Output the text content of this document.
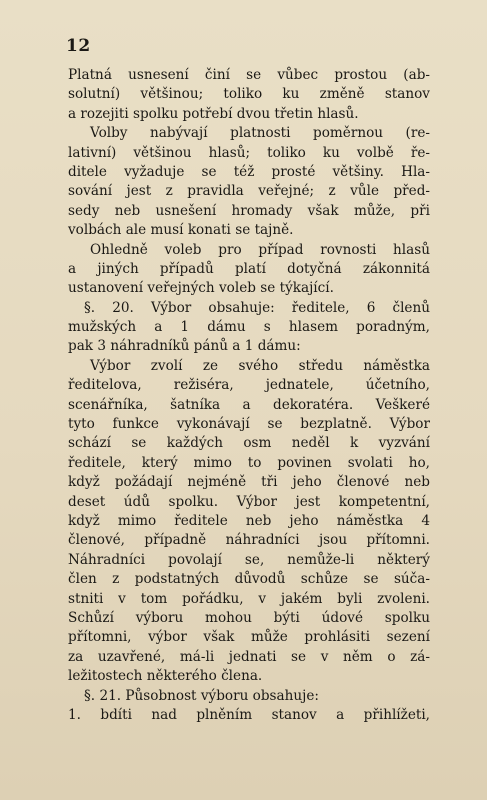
12
Platná usnesení činí se vůbec prostou (ab-
solutní) většinou; toliko ku změně stanov
a rozejiti spolku potřebí dvou třetin hlasů.
Volby nabývají platnosti poměrnou (re-
lativní) většinou hlasů; toliko ku volbě ře-
ditele vyžaduje se též prosté většiny. Hla-
sování jest z pravidla veřejné; z vůle před-
sedy neb usnešení hromady však může, při
volbách ale musí konati se tajně.
Ohledně voleb pro případ rovnosti hlasů
a jiných případů platí dotyčná zákonnitá
ustanovení veřejných voleb se týkající.
§. 20. Výbor obsahuje: ředitele, 6 členů
mužských a 1 dámu s hlasem poradným,
pak 3 náhradníků pánů a 1 dámu:
Výbor zvolí ze svého středu náměstka
ředitelova, režiséra, jednatele, účetního,
scenářníka, šatníka a dekoratéra. Veškeré
tyto funkce vykonávají se bezplatně. Výbor
schází se každých osm neděl k vyzvání
ředitele, který mimo to povinen svolati ho,
když požádají nejméně tři jeho členové neb
deset údů spolku. Výbor jest kompetentní,
když mimo ředitele neb jeho náměstka 4
členové, případně náhradníci jsou přítomni.
Náhradníci povolají se, nemůže-li některý
člen z podstatných důvodů schůze se súča-
stniti v tom pořádku, v jakém byli zvoleni.
Schůzí výboru mohou býti údové spolku
přítomni, výbor však může prohlásiti sezení
za uzavřené, má-li jednati se v něm o zá-
ležitostech některého člena.
§. 21. Působnost výboru obsahuje:
1. bdíti nad plněním stanov a přihlížeti,
